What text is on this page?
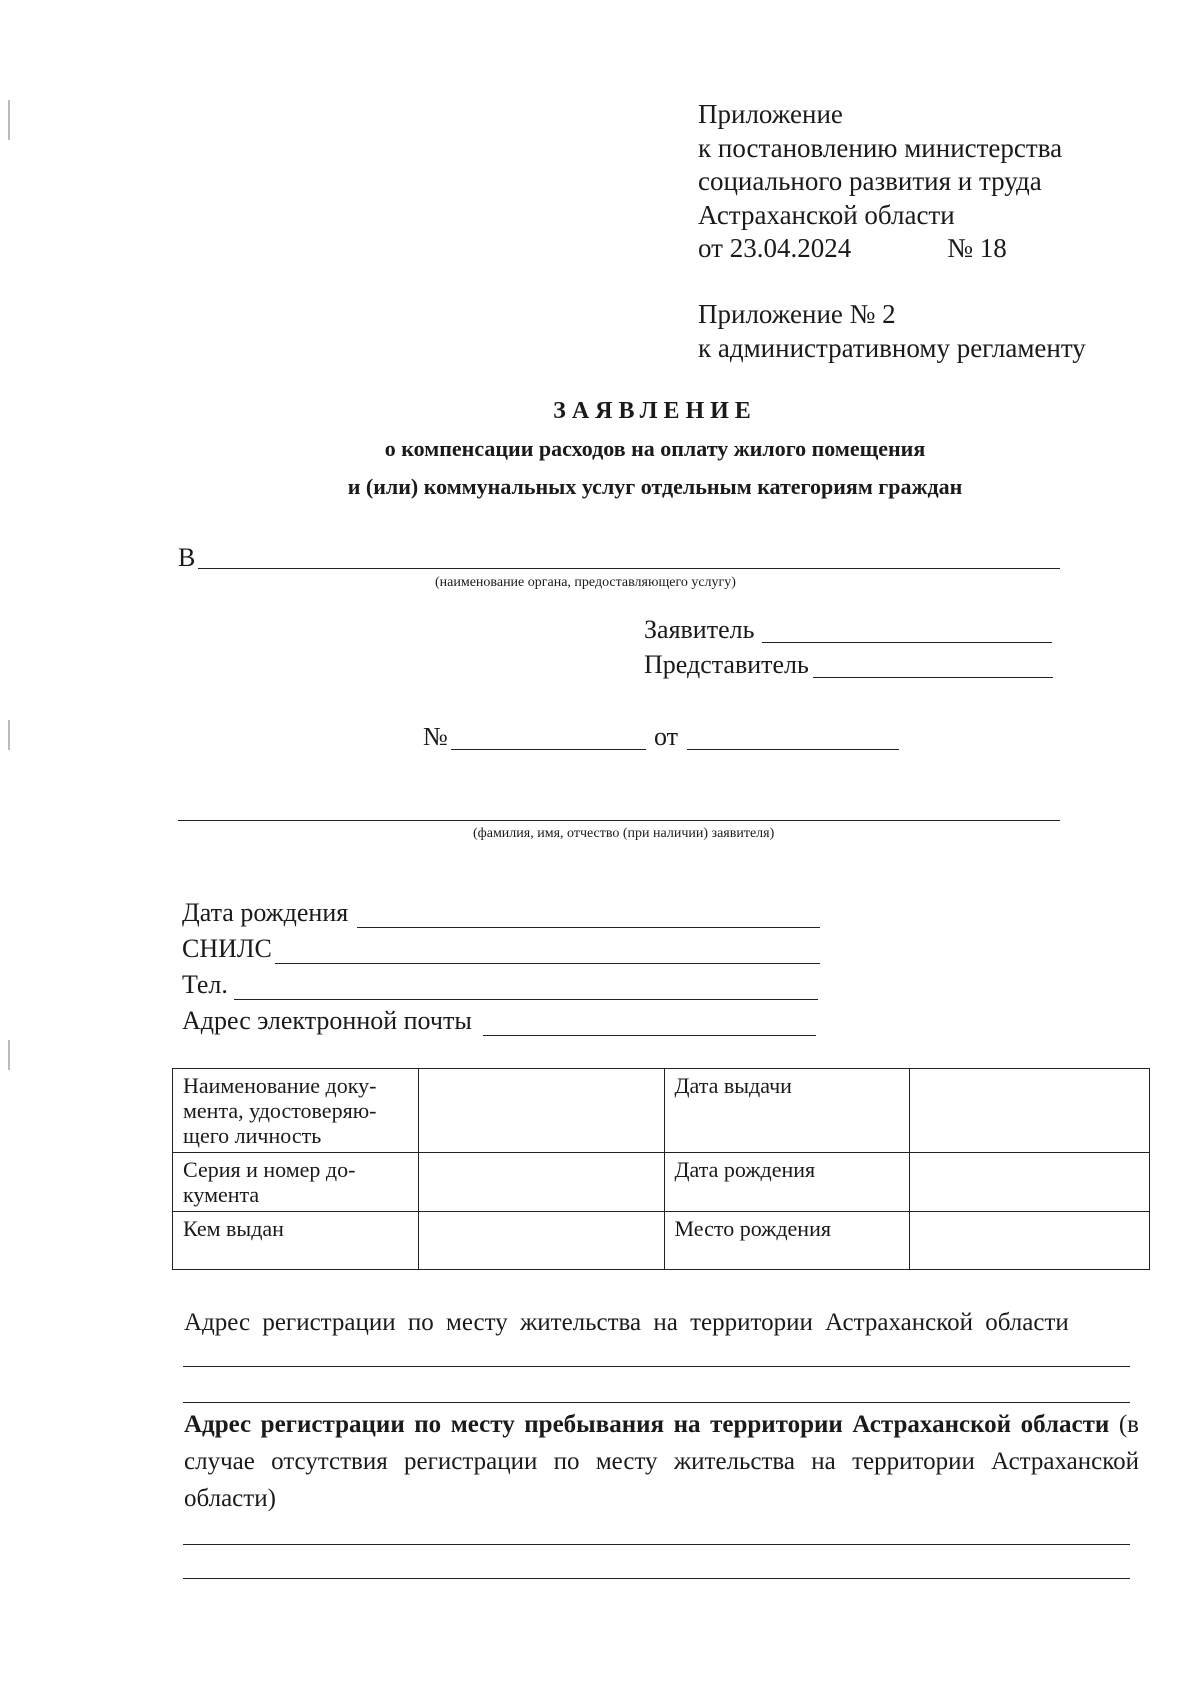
Приложение
к постановлению министерства
социального развития и труда
Астраханской области
от 23.04.2024	№ 18
Приложение № 2
к административному регламенту
ЗАЯВЛЕНИЕ
о компенсации расходов на оплату жилого помещения
и (или) коммунальных услуг отдельным категориям граждан
В
(наименование органа, предоставляющего услугу)
Заявитель
Представитель
№	от
(фамилия, имя, отчество (при наличии) заявителя)
Дата рождения
СНИЛС
Тел.
Адрес электронной почты
Наименование доку-
мента, удостоверяю-
щего личность		Дата выдачи	
Серия и номер до-
кумента		Дата рождения	
Кем выдан		Место рождения	
Адрес регистрации по месту жительства на территории Астраханской области
Адрес регистрации по месту пребывания на территории Астраханской области (в случае отсутствия регистрации по месту жительства на территории Астраханской области)
